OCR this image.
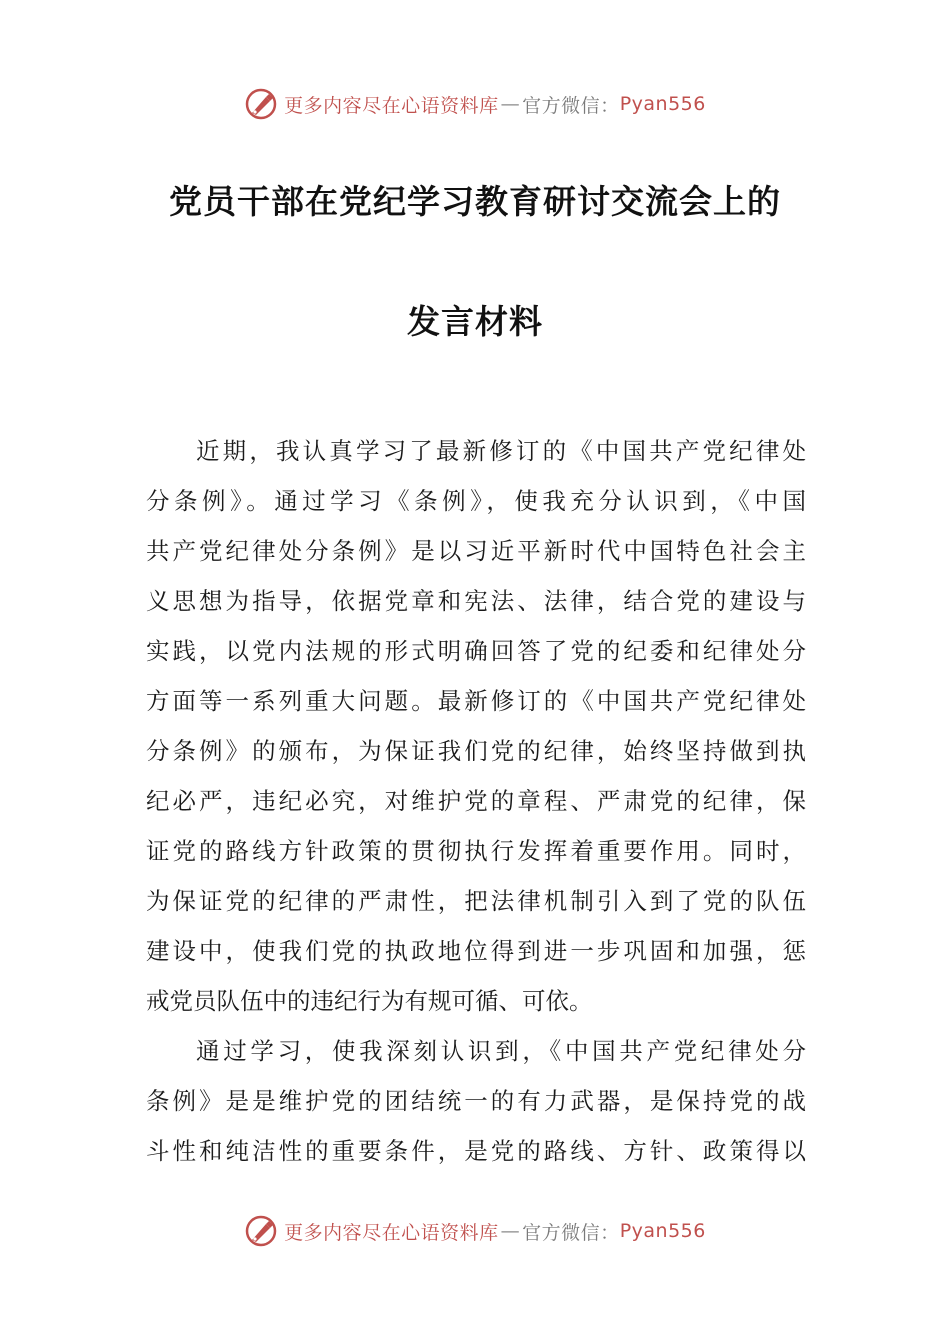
更多内容尽在心语资料库 — 官方微信： Pyan556
党员干部在党纪学习教育研讨交流会上的
发言材料
近期，我认真学习了最新修订的《中国共产党纪律处
分条例》。通过学习《条例》，使我充分认识到，《中国
共产党纪律处分条例》是以习近平新时代中国特色社会主
义思想为指导，依据党章和宪法、法律，结合党的建设与
实践，以党内法规的形式明确回答了党的纪委和纪律处分
方面等一系列重大问题。最新修订的《中国共产党纪律处
分条例》的颁布，为保证我们党的纪律，始终坚持做到执
纪必严，违纪必究，对维护党的章程、严肃党的纪律，保
证党的路线方针政策的贯彻执行发挥着重要作用。同时，
为保证党的纪律的严肃性，把法律机制引入到了党的队伍
建设中，使我们党的执政地位得到进一步巩固和加强，惩
戒党员队伍中的违纪行为有规可循、可依。
通过学习，使我深刻认识到，《中国共产党纪律处分
条例》是是维护党的团结统一的有力武器，是保持党的战
斗性和纯洁性的重要条件，是党的路线、方针、政策得以
更多内容尽在心语资料库 — 官方微信： Pyan556
